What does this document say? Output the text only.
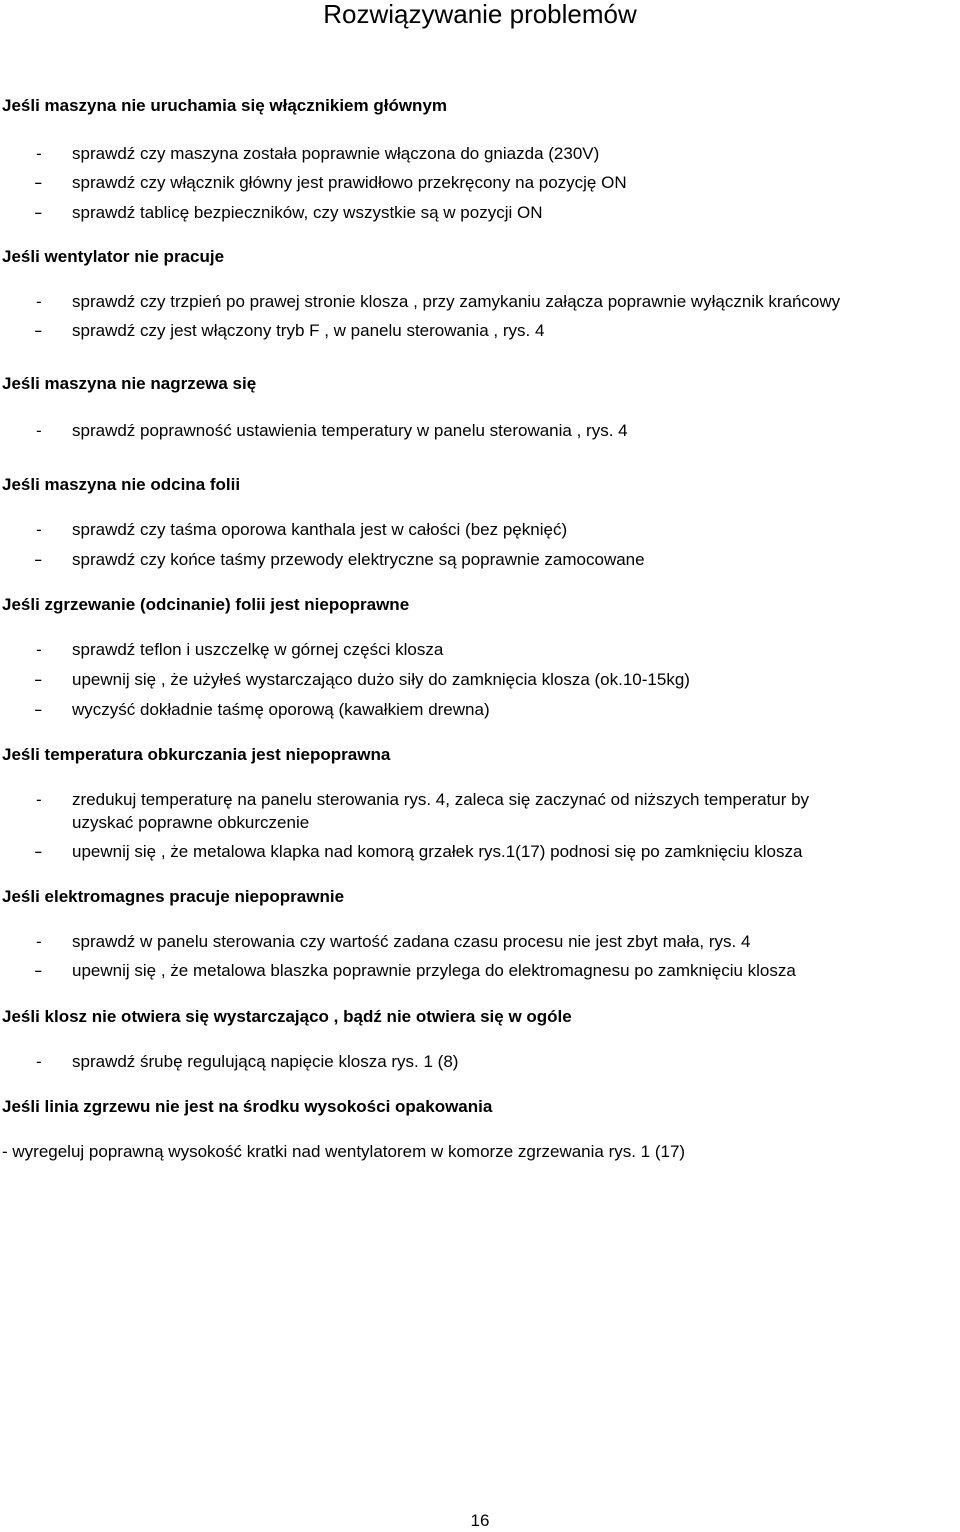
Rozwiązywanie problemów
Jeśli maszyna nie uruchamia się włącznikiem głównym
- sprawdź czy maszyna została poprawnie włączona do gniazda (230V)
- sprawdź czy włącznik główny jest prawidłowo przekręcony na pozycję ON
- sprawdź tablicę bezpieczników, czy wszystkie są w pozycji ON
Jeśli wentylator nie pracuje
- sprawdź czy trzpień po prawej stronie klosza , przy zamykaniu załącza poprawnie wyłącznik krańcowy
- sprawdź czy jest włączony tryb F , w panelu sterowania , rys. 4
Jeśli maszyna nie nagrzewa się
- sprawdź poprawność ustawienia temperatury w panelu sterowania , rys. 4
Jeśli maszyna nie odcina folii
- sprawdź czy taśma oporowa kanthala jest w całości (bez pęknięć)
- sprawdź czy końce taśmy przewody elektryczne są poprawnie zamocowane
Jeśli zgrzewanie (odcinanie) folii jest niepoprawne
- sprawdź teflon i uszczelkę w górnej części klosza
- upewnij się , że użyłeś wystarczająco dużo siły do zamknięcia klosza (ok.10-15kg)
- wyczyść dokładnie taśmę oporową (kawałkiem drewna)
Jeśli temperatura obkurczania jest niepoprawna
- zredukuj temperaturę na panelu sterowania rys. 4, zaleca się zaczynać od niższych temperatur by
uzyskać poprawne obkurczenie
- upewnij się , że metalowa klapka nad komorą grzałek rys.1(17) podnosi się po zamknięciu klosza
Jeśli elektromagnes pracuje niepoprawnie
- sprawdź w panelu sterowania czy wartość zadana czasu procesu nie jest zbyt mała, rys. 4
- upewnij się , że metalowa blaszka poprawnie przylega do elektromagnesu po zamknięciu klosza
Jeśli klosz nie otwiera się wystarczająco , bądź nie otwiera się w ogóle
- sprawdź śrubę regulującą napięcie klosza rys. 1 (8)
Jeśli linia zgrzewu nie jest na środku wysokości opakowania
- wyregeluj poprawną wysokość kratki nad wentylatorem w komorze zgrzewania rys. 1 (17)
16
